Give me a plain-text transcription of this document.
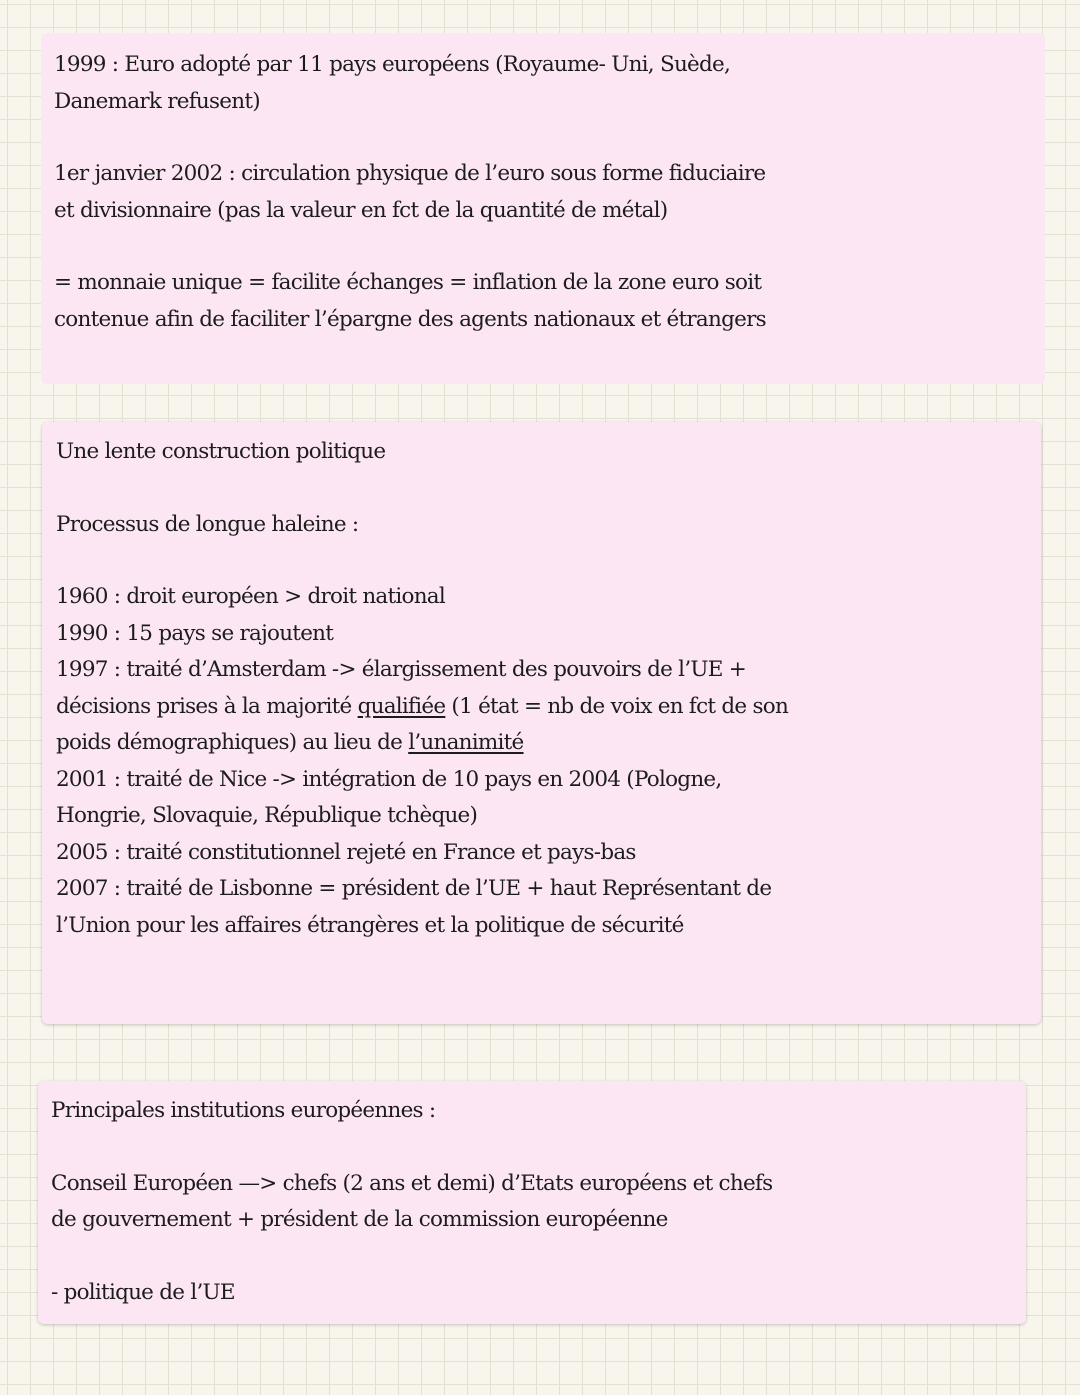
1999 : Euro adopté par 11 pays européens (Royaume- Uni, Suède,

Danemark refusent)

1er janvier 2002 : circulation physique de l’euro sous forme fiduciaire

et divisionnaire (pas la valeur en fct de la quantité de métal)

= monnaie unique = facilite échanges = inflation de la zone euro soit

contenue afin de faciliter l’épargne des agents nationaux et étrangers

Une lente construction politique

Processus de longue haleine :

1960 : droit européen > droit national

1990 : 15 pays se rajoutent

1997 : traité d’Amsterdam -> élargissement des pouvoirs de l’UE +

décisions prises à la majorité qualifiée (1 état = nb de voix en fct de son

poids démographiques) au lieu de l’unanimité

2001 : traité de Nice -> intégration de 10 pays en 2004 (Pologne,

Hongrie, Slovaquie, République tchèque)

2005 : traité constitutionnel rejeté en France et pays-bas

2007 : traité de Lisbonne = président de l’UE + haut Représentant de

l’Union pour les affaires étrangères et la politique de sécurité

Principales institutions européennes :

Conseil Européen —> chefs (2 ans et demi) d’Etats européens et chefs

de gouvernement + président de la commission européenne

- politique de l’UE
